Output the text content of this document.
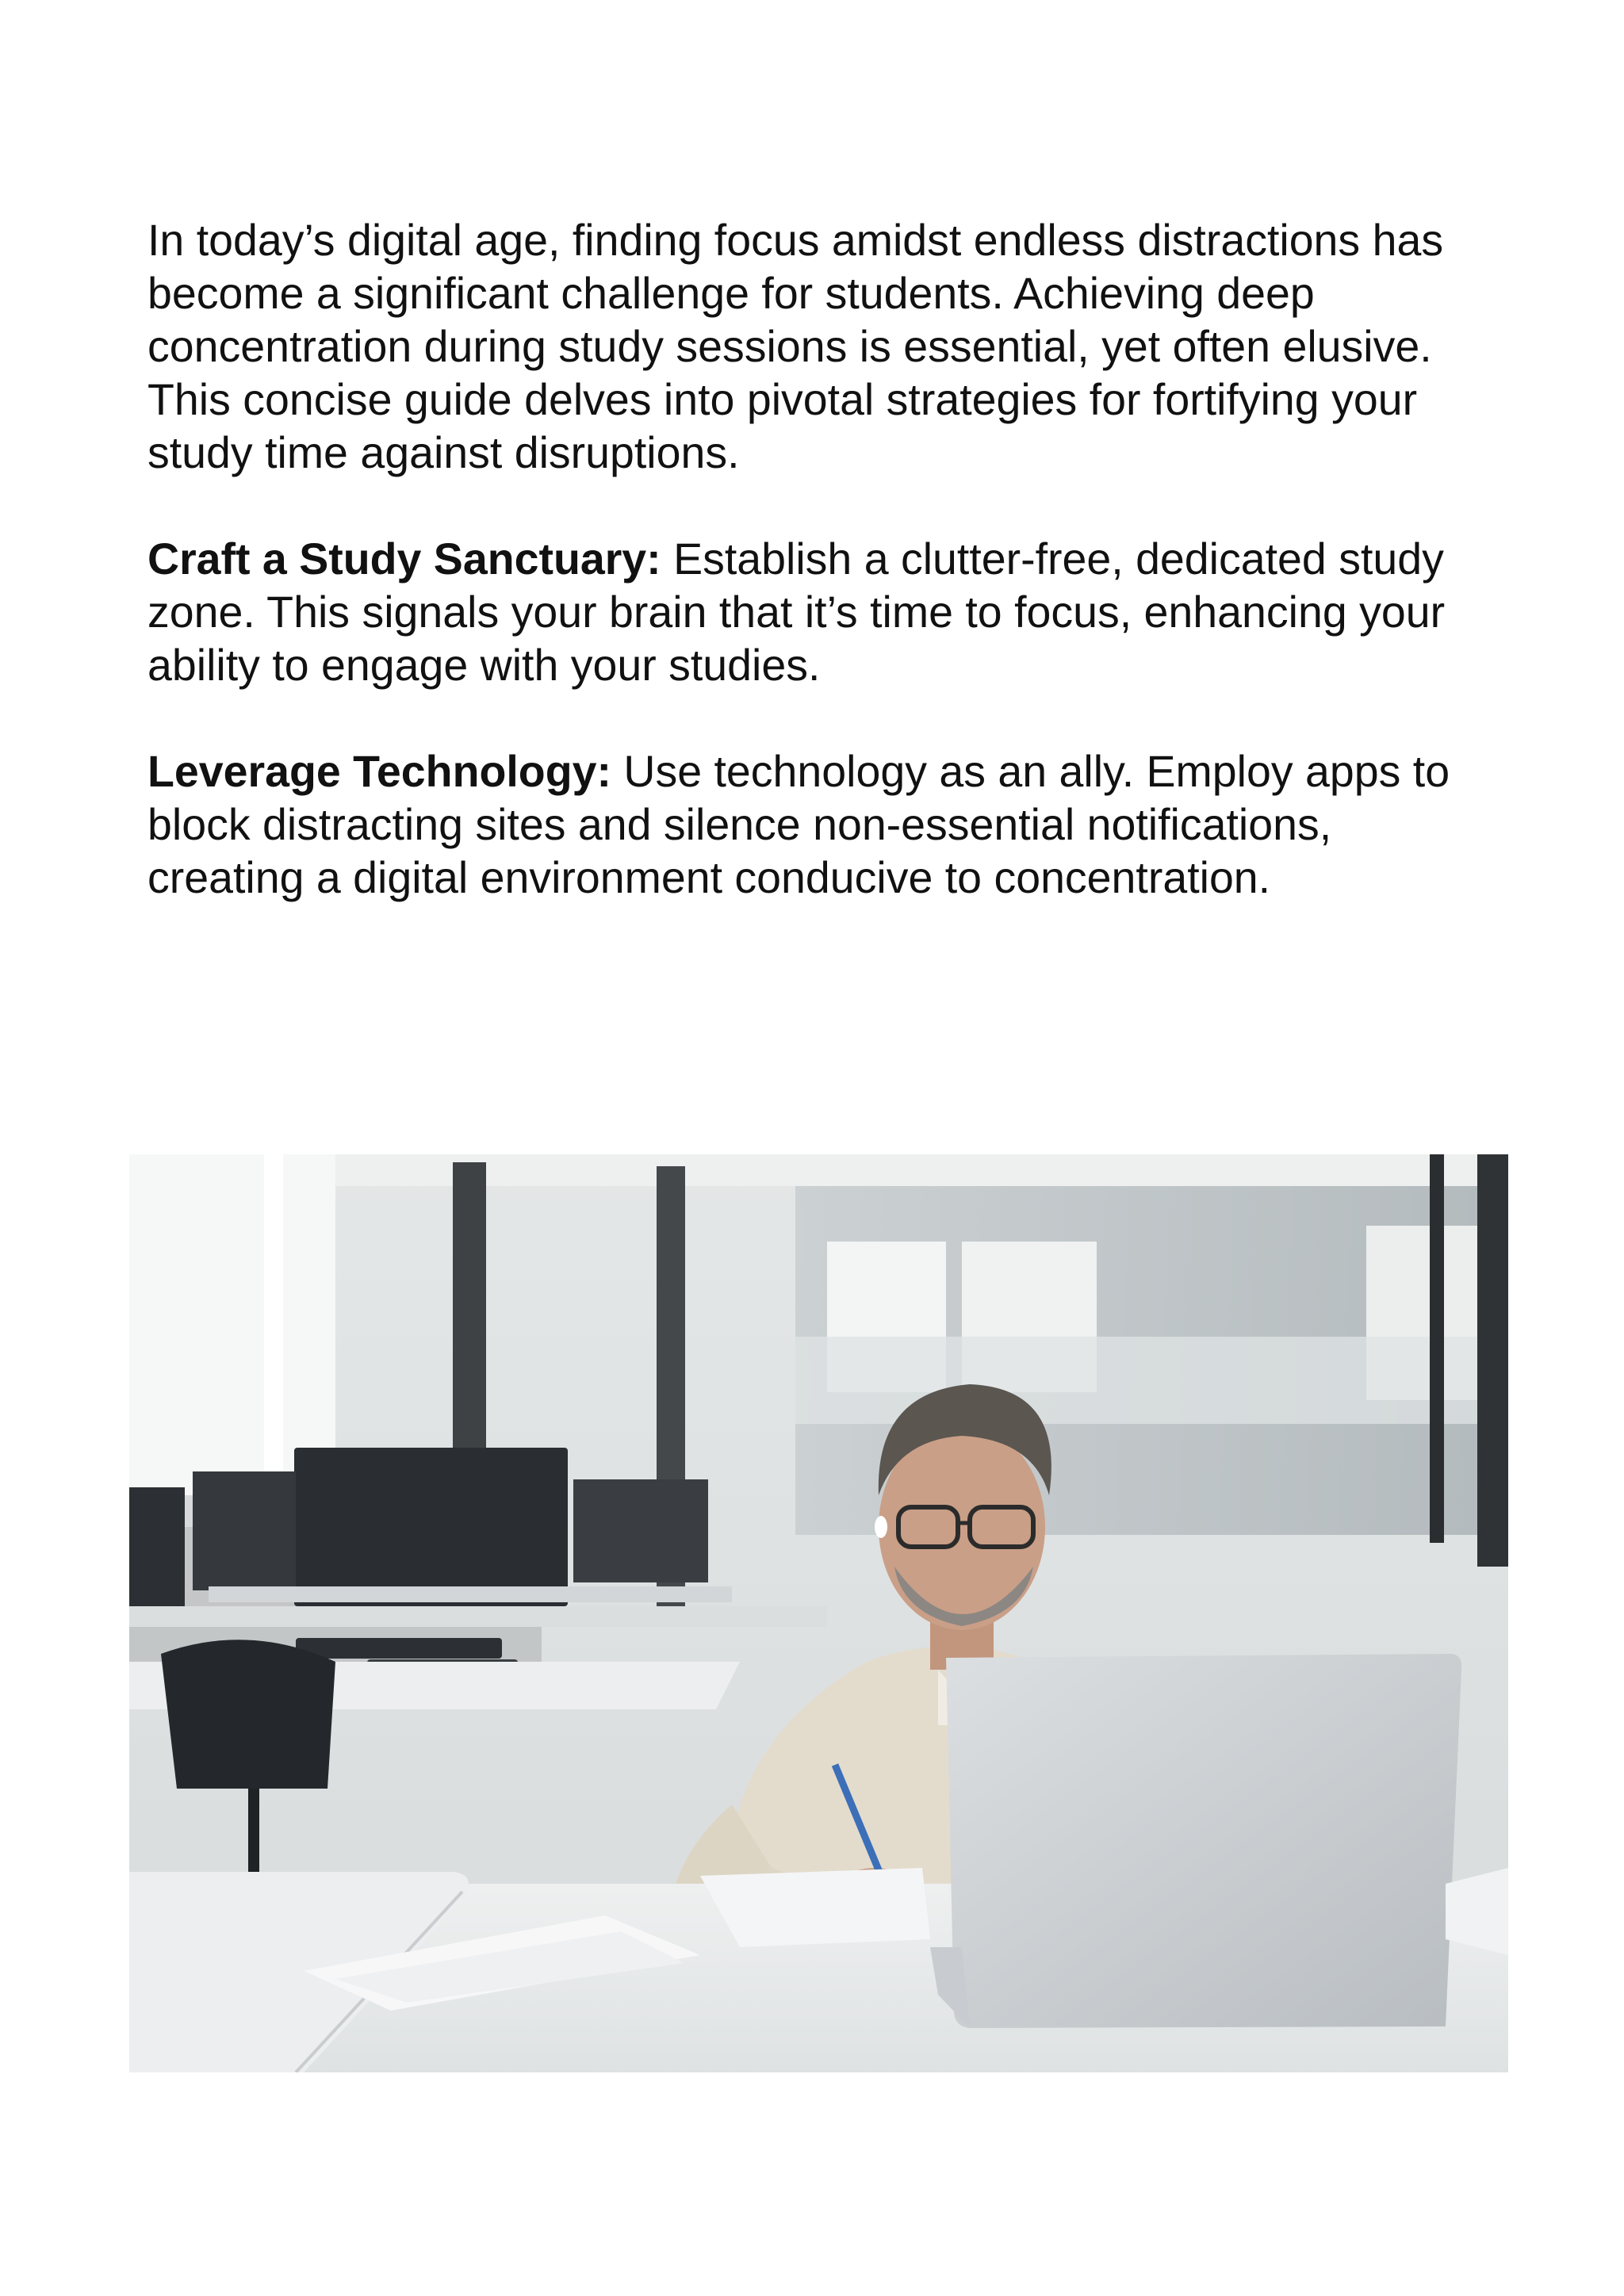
In today’s digital age, finding focus amidst endless distractions has become a significant challenge for students. Achieving deep concentration during study sessions is essential, yet often elusive. This concise guide delves into pivotal strategies for fortifying your study time against disruptions.

Craft a Study Sanctuary: Establish a clutter-free, dedicated study zone. This signals your brain that it’s time to focus, enhancing your ability to engage with your studies.

Leverage Technology: Use technology as an ally. Employ apps to block distracting sites and silence non-essential notifications, creating a digital environment conducive to concentration.
